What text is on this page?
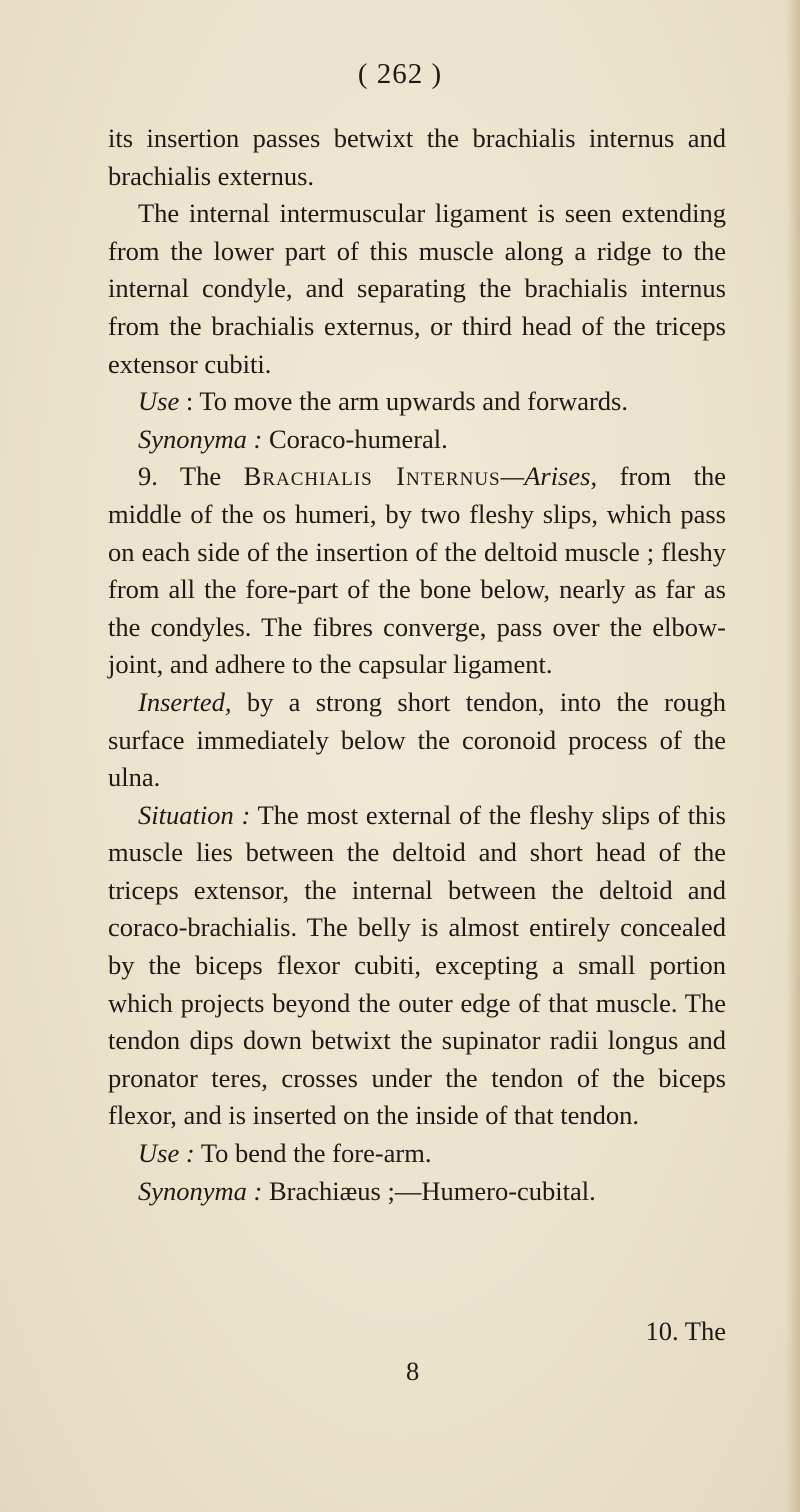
( 262 )

its insertion passes betwixt the brachialis internus and brachialis externus.

The internal intermuscular ligament is seen extending from the lower part of this muscle along a ridge to the internal condyle, and separating the brachialis internus from the brachialis externus, or third head of the triceps extensor cubiti.

Use : To move the arm upwards and forwards.

Synonyma : Coraco-humeral.

9. The Brachialis Internus—Arises, from the middle of the os humeri, by two fleshy slips, which pass on each side of the insertion of the deltoid muscle ; fleshy from all the fore-part of the bone below, nearly as far as the condyles. The fibres converge, pass over the elbow-joint, and adhere to the capsular ligament.

Inserted, by a strong short tendon, into the rough surface immediately below the coronoid process of the ulna.

Situation : The most external of the fleshy slips of this muscle lies between the deltoid and short head of the triceps extensor, the internal between the deltoid and coraco-brachialis. The belly is almost entirely concealed by the biceps flexor cubiti, excepting a small portion which projects beyond the outer edge of that muscle. The tendon dips down betwixt the supinator radii longus and pronator teres, crosses under the tendon of the biceps flexor, and is inserted on the inside of that tendon.

Use : To bend the fore-arm.

Synonyma : Brachiæus ;—Humero-cubital.

10. The
8
